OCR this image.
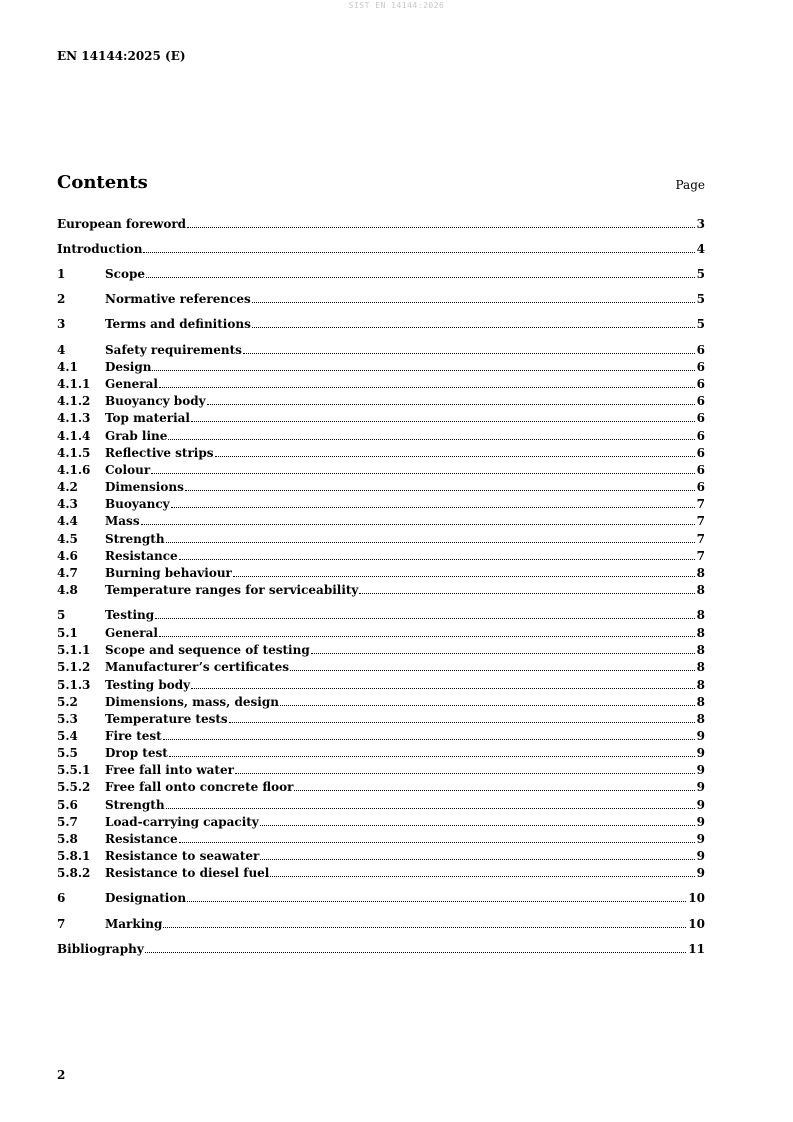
SIST EN 14144:2026
EN 14144:2025 (E)
Contents	Page
European foreword	3
Introduction	4
1	Scope	5
2	Normative references	5
3	Terms and definitions	5
4	Safety requirements	6
4.1	Design	6
4.1.1	General	6
4.1.2	Buoyancy body	6
4.1.3	Top material	6
4.1.4	Grab line	6
4.1.5	Reflective strips	6
4.1.6	Colour	6
4.2	Dimensions	6
4.3	Buoyancy	7
4.4	Mass	7
4.5	Strength	7
4.6	Resistance	7
4.7	Burning behaviour	8
4.8	Temperature ranges for serviceability	8
5	Testing	8
5.1	General	8
5.1.1	Scope and sequence of testing	8
5.1.2	Manufacturer’s certificates	8
5.1.3	Testing body	8
5.2	Dimensions, mass, design	8
5.3	Temperature tests	8
5.4	Fire test	9
5.5	Drop test	9
5.5.1	Free fall into water	9
5.5.2	Free fall onto concrete floor	9
5.6	Strength	9
5.7	Load-carrying capacity	9
5.8	Resistance	9
5.8.1	Resistance to seawater	9
5.8.2	Resistance to diesel fuel	9
6	Designation	10
7	Marking	10
Bibliography	11
2
